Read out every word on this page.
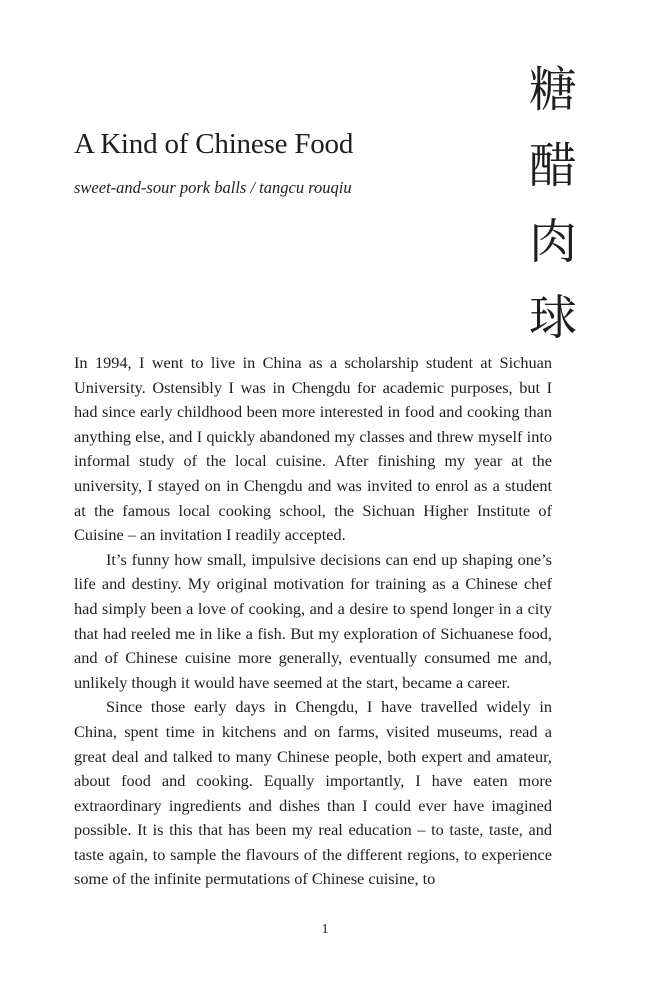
A Kind of Chinese Food
sweet-and-sour pork balls / tangcu rouqiu
糖
醋
肉
球

In 1994, I went to live in China as a scholarship student at Sichuan University. Ostensibly I was in Chengdu for academic purposes, but I had since early childhood been more interested in food and cooking than anything else, and I quickly abandoned my classes and threw myself into informal study of the local cuisine. After finishing my year at the university, I stayed on in Chengdu and was invited to enrol as a student at the famous local cooking school, the Sichuan Higher Institute of Cuisine – an invitation I readily accepted.

It’s funny how small, impulsive decisions can end up shaping one’s life and destiny. My original motivation for training as a Chinese chef had simply been a love of cooking, and a desire to spend longer in a city that had reeled me in like a fish. But my exploration of Sichuanese food, and of Chinese cuisine more generally, eventually consumed me and, unlikely though it would have seemed at the start, became a career.

Since those early days in Chengdu, I have travelled widely in China, spent time in kitchens and on farms, visited museums, read a great deal and talked to many Chinese people, both expert and amateur, about food and cooking. Equally importantly, I have eaten more extraordinary ingredients and dishes than I could ever have imagined possible. It is this that has been my real education – to taste, taste, and taste again, to sample the flavours of the different regions, to experience some of the infinite permutations of Chinese cuisine, to

1
